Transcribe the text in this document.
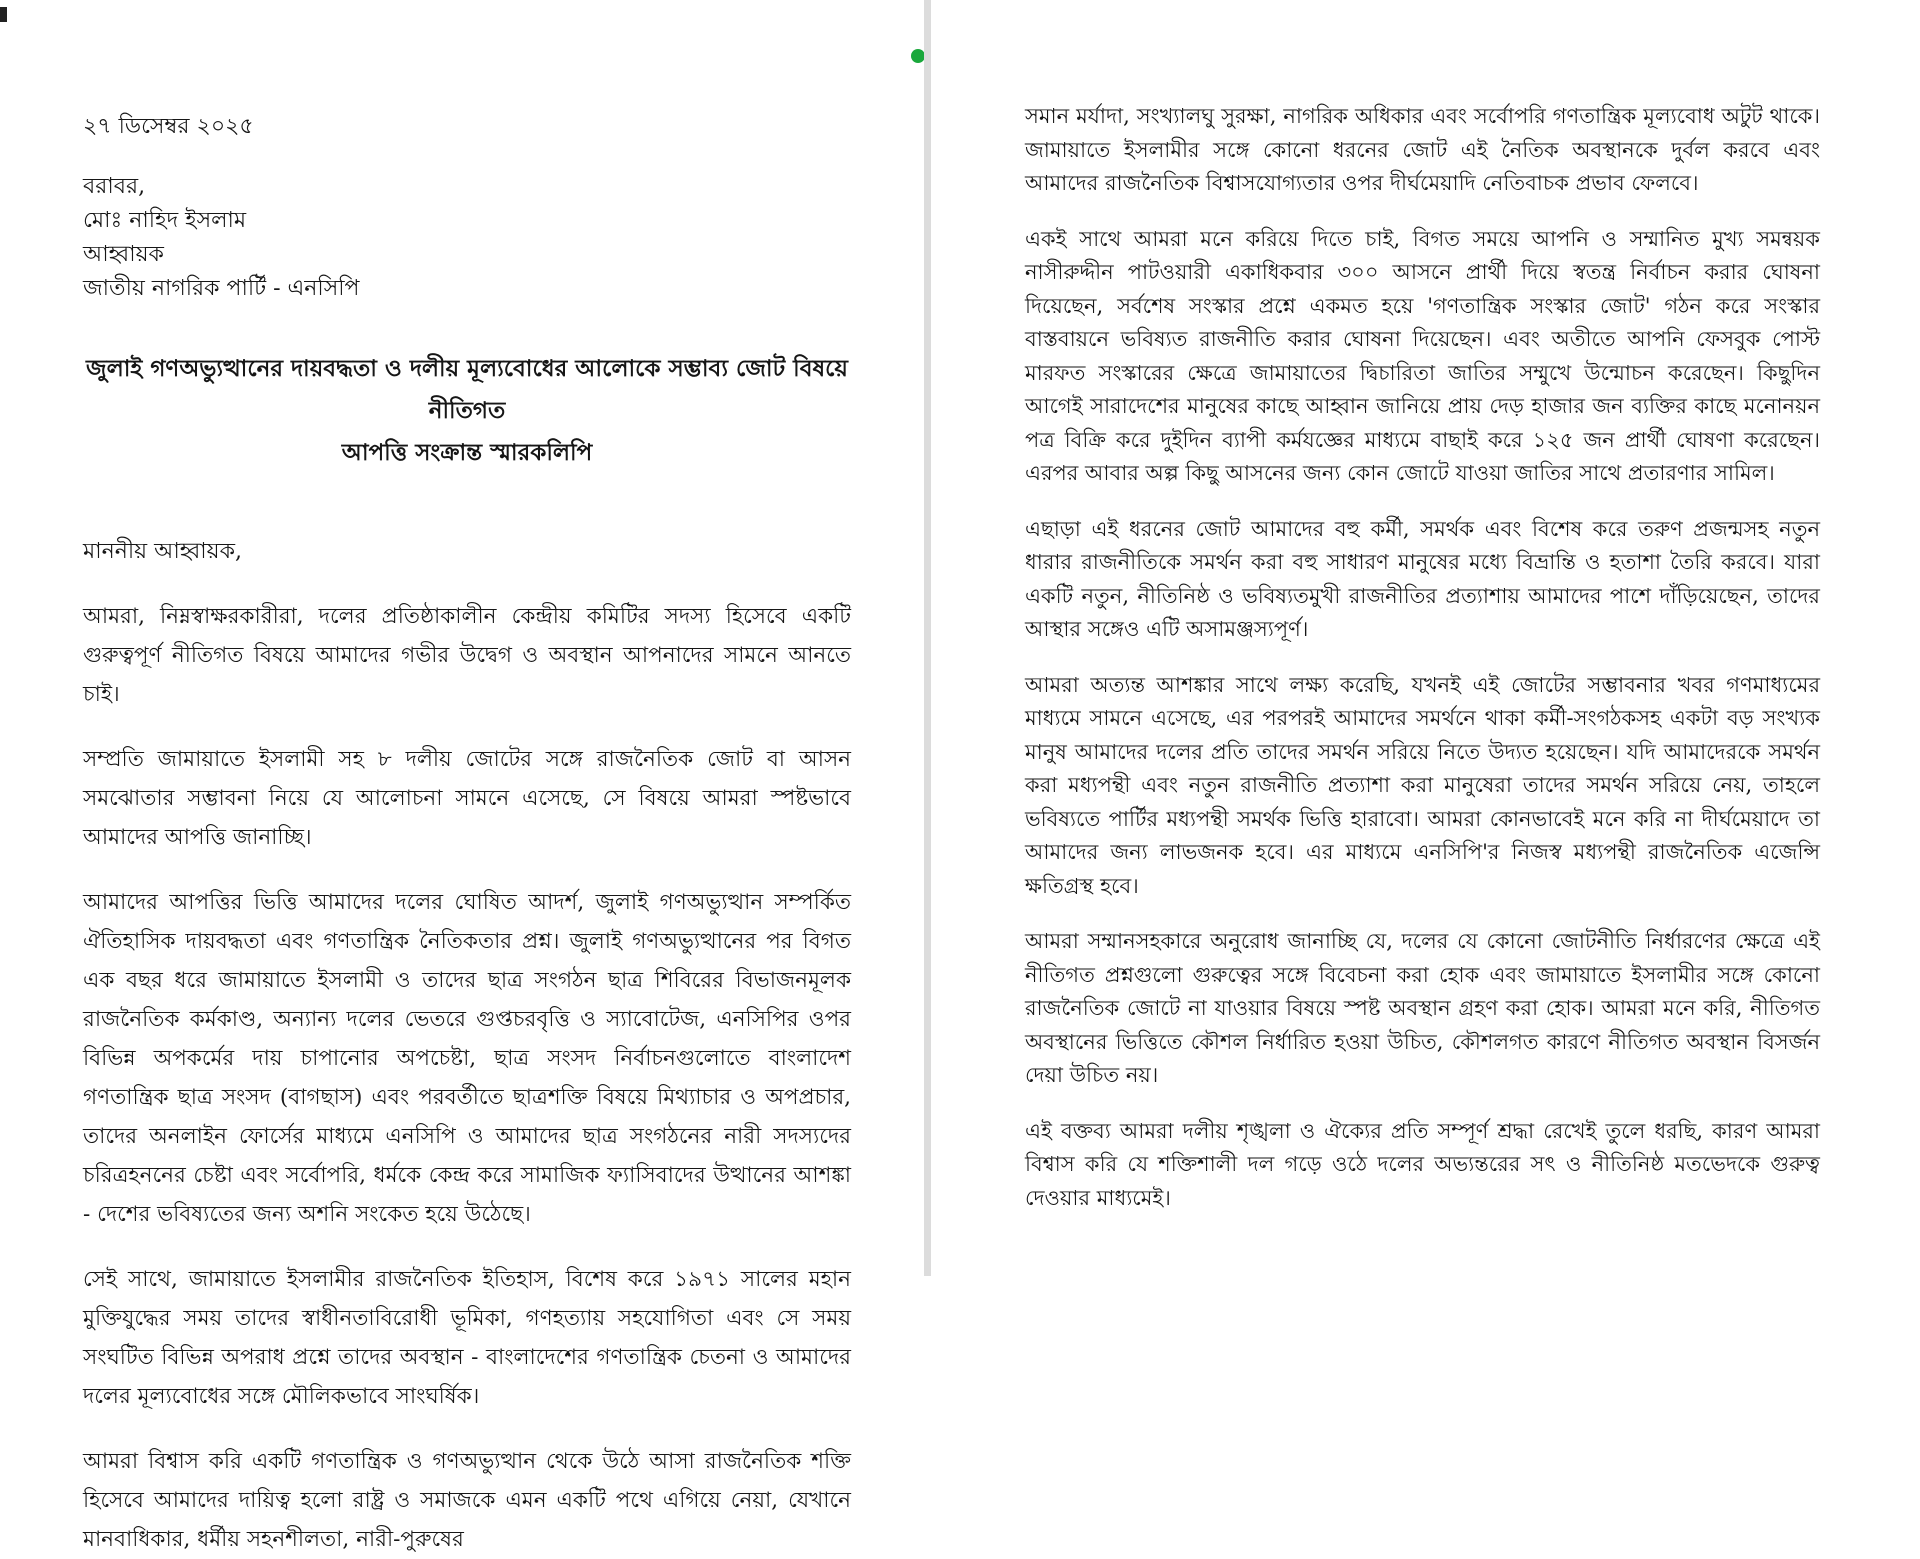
২৭ ডিসেম্বর ২০২৫
বরাবর,
মোঃ নাহিদ ইসলাম
আহ্বায়ক
জাতীয় নাগরিক পার্টি - এনসিপি
জুলাই গণঅভ্যুত্থানের দায়বদ্ধতা ও দলীয় মূল্যবোধের আলোকে সম্ভাব্য জোট বিষয়ে নীতিগত
আপত্তি সংক্রান্ত স্মারকলিপি
মাননীয় আহ্বায়ক,

আমরা, নিম্নস্বাক্ষরকারীরা, দলের প্রতিষ্ঠাকালীন কেন্দ্রীয় কমিটির সদস্য হিসেবে একটি গুরুত্বপূর্ণ নীতিগত বিষয়ে আমাদের গভীর উদ্বেগ ও অবস্থান আপনাদের সামনে আনতে চাই।

সম্প্রতি জামায়াতে ইসলামী সহ ৮ দলীয় জোটের সঙ্গে রাজনৈতিক জোট বা আসন সমঝোতার সম্ভাবনা নিয়ে যে আলোচনা সামনে এসেছে, সে বিষয়ে আমরা স্পষ্টভাবে আমাদের আপত্তি জানাচ্ছি।

আমাদের আপত্তির ভিত্তি আমাদের দলের ঘোষিত আদর্শ, জুলাই গণঅভ্যুত্থান সম্পর্কিত ঐতিহাসিক দায়বদ্ধতা এবং গণতান্ত্রিক নৈতিকতার প্রশ্ন। জুলাই গণঅভ্যুত্থানের পর বিগত এক বছর ধরে জামায়াতে ইসলামী ও তাদের ছাত্র সংগঠন ছাত্র শিবিরের বিভাজনমূলক রাজনৈতিক কর্মকাণ্ড, অন্যান্য দলের ভেতরে গুপ্তচরবৃত্তি ও স্যাবোটেজ, এনসিপির ওপর বিভিন্ন অপকর্মের দায় চাপানোর অপচেষ্টা, ছাত্র সংসদ নির্বাচনগুলোতে বাংলাদেশ গণতান্ত্রিক ছাত্র সংসদ (বাগছাস) এবং পরবর্তীতে ছাত্রশক্তি বিষয়ে মিথ্যাচার ও অপপ্রচার, তাদের অনলাইন ফোর্সের মাধ্যমে এনসিপি ও আমাদের ছাত্র সংগঠনের নারী সদস্যদের চরিত্রহননের চেষ্টা এবং সর্বোপরি, ধর্মকে কেন্দ্র করে সামাজিক ফ্যাসিবাদের উত্থানের আশঙ্কা - দেশের ভবিষ্যতের জন্য অশনি সংকেত হয়ে উঠেছে।

সেই সাথে, জামায়াতে ইসলামীর রাজনৈতিক ইতিহাস, বিশেষ করে ১৯৭১ সালের মহান মুক্তিযুদ্ধের সময় তাদের স্বাধীনতাবিরোধী ভূমিকা, গণহত্যায় সহযোগিতা এবং সে সময় সংঘটিত বিভিন্ন অপরাধ প্রশ্নে তাদের অবস্থান - বাংলাদেশের গণতান্ত্রিক চেতনা ও আমাদের দলের মূল্যবোধের সঙ্গে মৌলিকভাবে সাংঘর্ষিক।

আমরা বিশ্বাস করি একটি গণতান্ত্রিক ও গণঅভ্যুত্থান থেকে উঠে আসা রাজনৈতিক শক্তি হিসেবে আমাদের দায়িত্ব হলো রাষ্ট্র ও সমাজকে এমন একটি পথে এগিয়ে নেয়া, যেখানে মানবাধিকার, ধর্মীয় সহনশীলতা, নারী-পুরুষের

সমান মর্যাদা, সংখ্যালঘু সুরক্ষা, নাগরিক অধিকার এবং সর্বোপরি গণতান্ত্রিক মূল্যবোধ অটুট থাকে। জামায়াতে ইসলামীর সঙ্গে কোনো ধরনের জোট এই নৈতিক অবস্থানকে দুর্বল করবে এবং আমাদের রাজনৈতিক বিশ্বাসযোগ্যতার ওপর দীর্ঘমেয়াদি নেতিবাচক প্রভাব ফেলবে।

একই সাথে আমরা মনে করিয়ে দিতে চাই, বিগত সময়ে আপনি ও সম্মানিত মুখ্য সমন্বয়ক নাসীরুদ্দীন পাটওয়ারী একাধিকবার ৩০০ আসনে প্রার্থী দিয়ে স্বতন্ত্র নির্বাচন করার ঘোষনা দিয়েছেন, সর্বশেষ সংস্কার প্রশ্নে একমত হয়ে 'গণতান্ত্রিক সংস্কার জোট' গঠন করে সংস্কার বাস্তবায়নে ভবিষ্যত রাজনীতি করার ঘোষনা দিয়েছেন। এবং অতীতে আপনি ফেসবুক পোস্ট মারফত সংস্কারের ক্ষেত্রে জামায়াতের দ্বিচারিতা জাতির সম্মুখে উন্মোচন করেছেন। কিছুদিন আগেই সারাদেশের মানুষের কাছে আহ্বান জানিয়ে প্রায় দেড় হাজার জন ব্যক্তির কাছে মনোনয়ন পত্র বিক্রি করে দুইদিন ব্যাপী কর্মযজ্ঞের মাধ্যমে বাছাই করে ১২৫ জন প্রার্থী ঘোষণা করেছেন। এরপর আবার অল্প কিছু আসনের জন্য কোন জোটে যাওয়া জাতির সাথে প্রতারণার সামিল।

এছাড়া এই ধরনের জোট আমাদের বহু কর্মী, সমর্থক এবং বিশেষ করে তরুণ প্রজন্মসহ নতুন ধারার রাজনীতিকে সমর্থন করা বহু সাধারণ মানুষের মধ্যে বিভ্রান্তি ও হতাশা তৈরি করবে। যারা একটি নতুন, নীতিনিষ্ঠ ও ভবিষ্যতমুখী রাজনীতির প্রত্যাশায় আমাদের পাশে দাঁড়িয়েছেন, তাদের আস্থার সঙ্গেও এটি অসামঞ্জস্যপূর্ণ।

আমরা অত্যন্ত আশঙ্কার সাথে লক্ষ্য করেছি, যখনই এই জোটের সম্ভাবনার খবর গণমাধ্যমের মাধ্যমে সামনে এসেছে, এর পরপরই আমাদের সমর্থনে থাকা কর্মী-সংগঠকসহ একটা বড় সংখ্যক মানুষ আমাদের দলের প্রতি তাদের সমর্থন সরিয়ে নিতে উদ্যত হয়েছেন। যদি আমাদেরকে সমর্থন করা মধ্যপন্থী এবং নতুন রাজনীতি প্রত্যাশা করা মানুষেরা তাদের সমর্থন সরিয়ে নেয়, তাহলে ভবিষ্যতে পার্টির মধ্যপন্থী সমর্থক ভিত্তি হারাবো। আমরা কোনভাবেই মনে করি না দীর্ঘমেয়াদে তা আমাদের জন্য লাভজনক হবে। এর মাধ্যমে এনসিপি'র নিজস্ব মধ্যপন্থী রাজনৈতিক এজেন্সি ক্ষতিগ্রস্থ হবে।

আমরা সম্মানসহকারে অনুরোধ জানাচ্ছি যে, দলের যে কোনো জোটনীতি নির্ধারণের ক্ষেত্রে এই নীতিগত প্রশ্নগুলো গুরুত্বের সঙ্গে বিবেচনা করা হোক এবং জামায়াতে ইসলামীর সঙ্গে কোনো রাজনৈতিক জোটে না যাওয়ার বিষয়ে স্পষ্ট অবস্থান গ্রহণ করা হোক। আমরা মনে করি, নীতিগত অবস্থানের ভিত্তিতে কৌশল নির্ধারিত হওয়া উচিত, কৌশলগত কারণে নীতিগত অবস্থান বিসর্জন দেয়া উচিত নয়।

এই বক্তব্য আমরা দলীয় শৃঙ্খলা ও ঐক্যের প্রতি সম্পূর্ণ শ্রদ্ধা রেখেই তুলে ধরছি, কারণ আমরা বিশ্বাস করি যে শক্তিশালী দল গড়ে ওঠে দলের অভ্যন্তরের সৎ ও নীতিনিষ্ঠ মতভেদকে গুরুত্ব দেওয়ার মাধ্যমেই।
